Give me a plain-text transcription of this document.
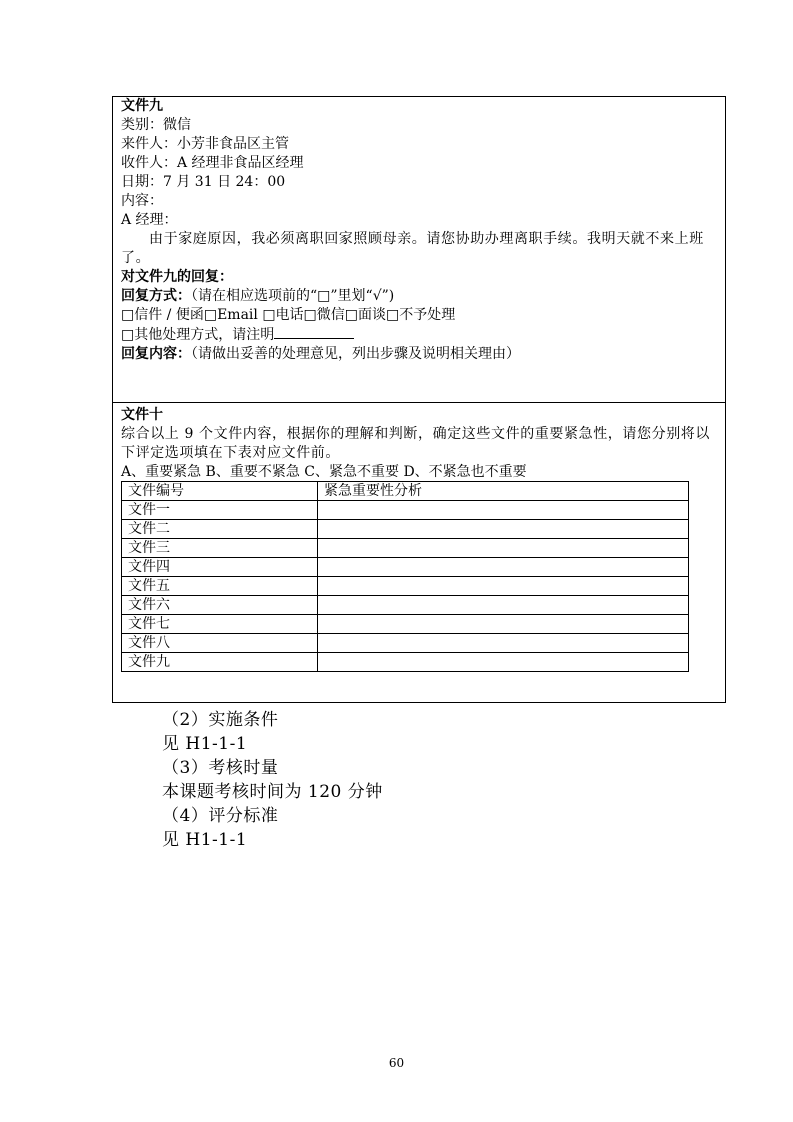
文件九
类别：微信
来件人：小芳非食品区主管
收件人：A 经理非食品区经理
日期：7 月 31 日 24：00
内容：
A 经理：
由于家庭原因，我必须离职回家照顾母亲。请您协助办理离职手续。我明天就不来上班了。
对文件九的回复：
回复方式：（请在相应选项前的“□”里划“√”)
□信件 / 便函□Email □电话□微信□面谈□不予处理
□其他处理方式，请注明
回复内容：（请做出妥善的处理意见，列出步骤及说明相关理由）
文件十
综合以上 9 个文件内容，根据你的理解和判断，确定这些文件的重要紧急性，请您分别将以下评定选项填在下表对应文件前。
A、重要紧急 B、重要不紧急 C、紧急不重要 D、不紧急也不重要
文件编号	紧急重要性分析
文件一	
文件二	
文件三	
文件四	
文件五	
文件六	
文件七	
文件八	
文件九	
（2）实施条件
见 H1-1-1
（3）考核时量
本课题考核时间为 120 分钟
（4）评分标准
见 H1-1-1
60
